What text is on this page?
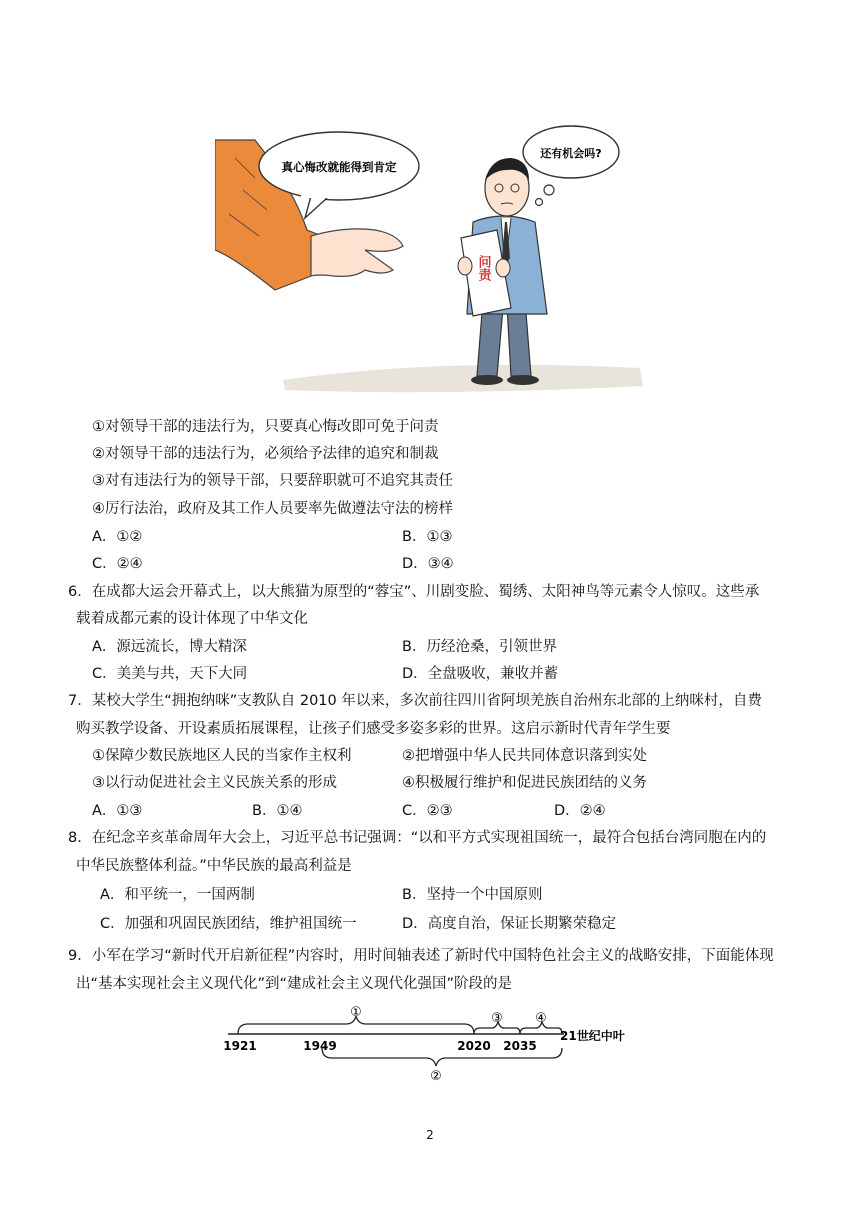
真心悔改就能得到肯定
还有机会吗?
问责
①对领导干部的违法行为，只要真心悔改即可免于问责
②对领导干部的违法行为，必须给予法律的追究和制裁
③对有违法行为的领导干部，只要辞职就可不追究其责任
④厉行法治，政府及其工作人员要率先做遵法守法的榜样
A．①②	B．①③
C．②④	D．③④
6．在成都大运会开幕式上，以大熊猫为原型的“蓉宝”、川剧变脸、蜀绣、太阳神鸟等元素令人惊叹。这些承
载着成都元素的设计体现了中华文化
A．源远流长，博大精深	B．历经沧桑，引领世界
C．美美与共，天下大同	D．全盘吸收，兼收并蓄
7．某校大学生“拥抱纳咪”支教队自 2010 年以来，多次前往四川省阿坝羌族自治州东北部的上纳咪村，自费
购买教学设备、开设素质拓展课程，让孩子们感受多姿多彩的世界。这启示新时代青年学生要
①保障少数民族地区人民的当家作主权利	②把增强中华人民共同体意识落到实处
③以行动促进社会主义民族关系的形成	④积极履行维护和促进民族团结的义务
A．①③	B．①④	C．②③	D．②④
8．在纪念辛亥革命周年大会上，习近平总书记强调：“以和平方式实现祖国统一，最符合包括台湾同胞在内的
中华民族整体利益。”中华民族的最高利益是
A．和平统一，一国两制	B．坚持一个中国原则
C．加强和巩固民族团结，维护祖国统一	D．高度自治，保证长期繁荣稳定
9．小军在学习“新时代开启新征程”内容时，用时间轴表述了新时代中国特色社会主义的战略安排，下面能体现
出“基本实现社会主义现代化”到“建成社会主义现代化强国”阶段的是
①	③ ④
②
1921	1949	2020 2035
21世纪中叶
2
